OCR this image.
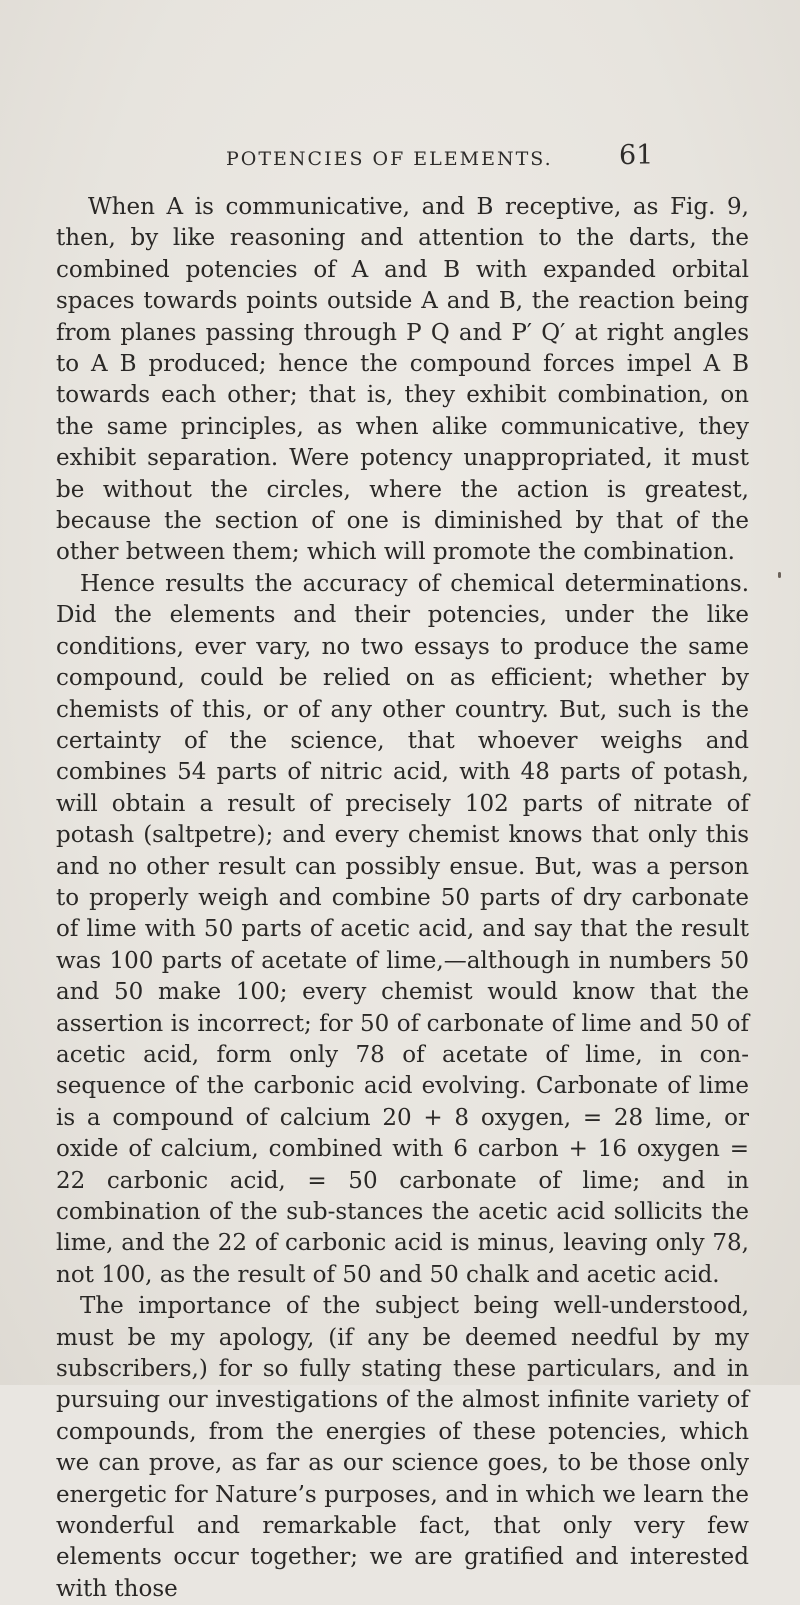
POTENCIES OF ELEMENTS.	61

When A is communicative, and B receptive, as Fig. 9, then, by like reasoning and attention to the darts, the combined potencies of A and B with expanded orbital spaces towards points outside A and B, the reaction being from planes passing through P Q and P′ Q′ at right angles to A B produced; hence the compound forces impel A B towards each other; that is, they exhibit combination, on the same principles, as when alike communicative, they exhibit separation. Were potency unappropriated, it must be without the circles, where the action is greatest, because the section of one is diminished by that of the other between them; which will promote the combination.

Hence results the accuracy of chemical determinations. Did the elements and their potencies, under the like conditions, ever vary, no two essays to produce the same compound, could be relied on as efficient; whether by chemists of this, or of any other country. But, such is the certainty of the science, that whoever weighs and combines 54 parts of nitric acid, with 48 parts of potash, will obtain a result of precisely 102 parts of nitrate of potash (saltpetre); and every chemist knows that only this and no other result can possibly ensue. But, was a person to properly weigh and combine 50 parts of dry carbonate of lime with 50 parts of acetic acid, and say that the result was 100 parts of acetate of lime,—although in numbers 50 and 50 make 100; every chemist would know that the assertion is incorrect; for 50 of carbonate of lime and 50 of acetic acid, form only 78 of acetate of lime, in con-sequence of the carbonic acid evolving. Carbonate of lime is a compound of calcium 20 + 8 oxygen, = 28 lime, or oxide of calcium, combined with 6 carbon + 16 oxygen = 22 carbonic acid, = 50 carbonate of lime; and in combination of the sub-stances the acetic acid sollicits the lime, and the 22 of carbonic acid is minus, leaving only 78, not 100, as the result of 50 and 50 chalk and acetic acid.

The importance of the subject being well-understood, must be my apology, (if any be deemed needful by my subscribers,) for so fully stating these particulars, and in pursuing our investigations of the almost infinite variety of compounds, from the energies of these potencies, which we can prove, as far as our science goes, to be those only energetic for Nature’s purposes, and in which we learn the wonderful and remarkable fact, that only very few elements occur together; we are gratified and interested with those
